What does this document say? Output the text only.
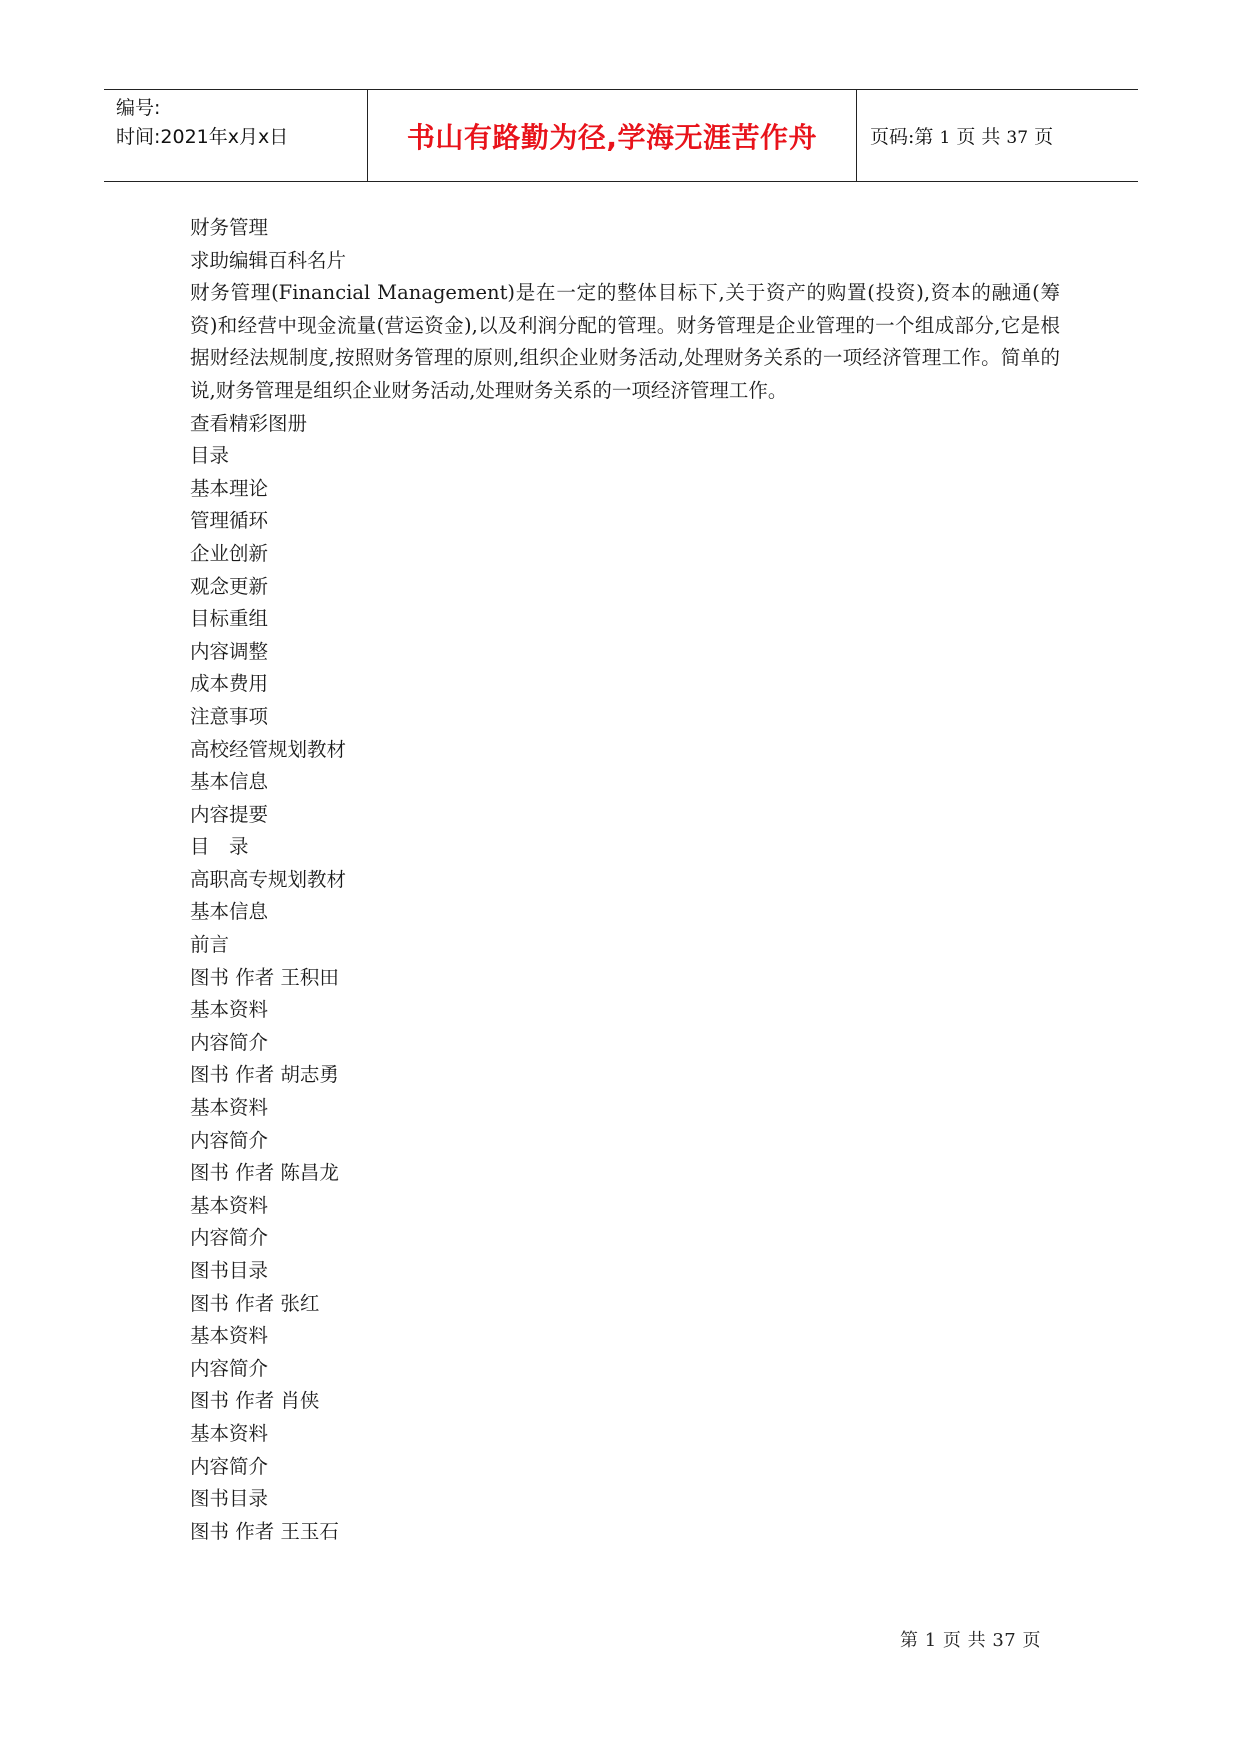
编号:
时间:2021年x月x日	书山有路勤为径,学海无涯苦作舟	页码:第 1 页 共 37 页
财务管理
求助编辑百科名片
财务管理(Financial Management)是在一定的整体目标下,关于资产的购置(投资),资本的融通(筹资)和经营中现金流量(营运资金),以及利润分配的管理。财务管理是企业管理的一个组成部分,它是根据财经法规制度,按照财务管理的原则,组织企业财务活动,处理财务关系的一项经济管理工作。简单的说,财务管理是组织企业财务活动,处理财务关系的一项经济管理工作。
查看精彩图册
目录
基本理论
管理循环
企业创新
观念更新
目标重组
内容调整
成本费用
注意事项
高校经管规划教材
基本信息
内容提要
目　录
高职高专规划教材
基本信息
前言
图书 作者 王积田
基本资料
内容简介
图书 作者 胡志勇
基本资料
内容简介
图书 作者 陈昌龙
基本资料
内容简介
图书目录
图书 作者 张红
基本资料
内容简介
图书 作者 肖侠
基本资料
内容简介
图书目录
图书 作者 王玉石
第 1 页 共 37 页
